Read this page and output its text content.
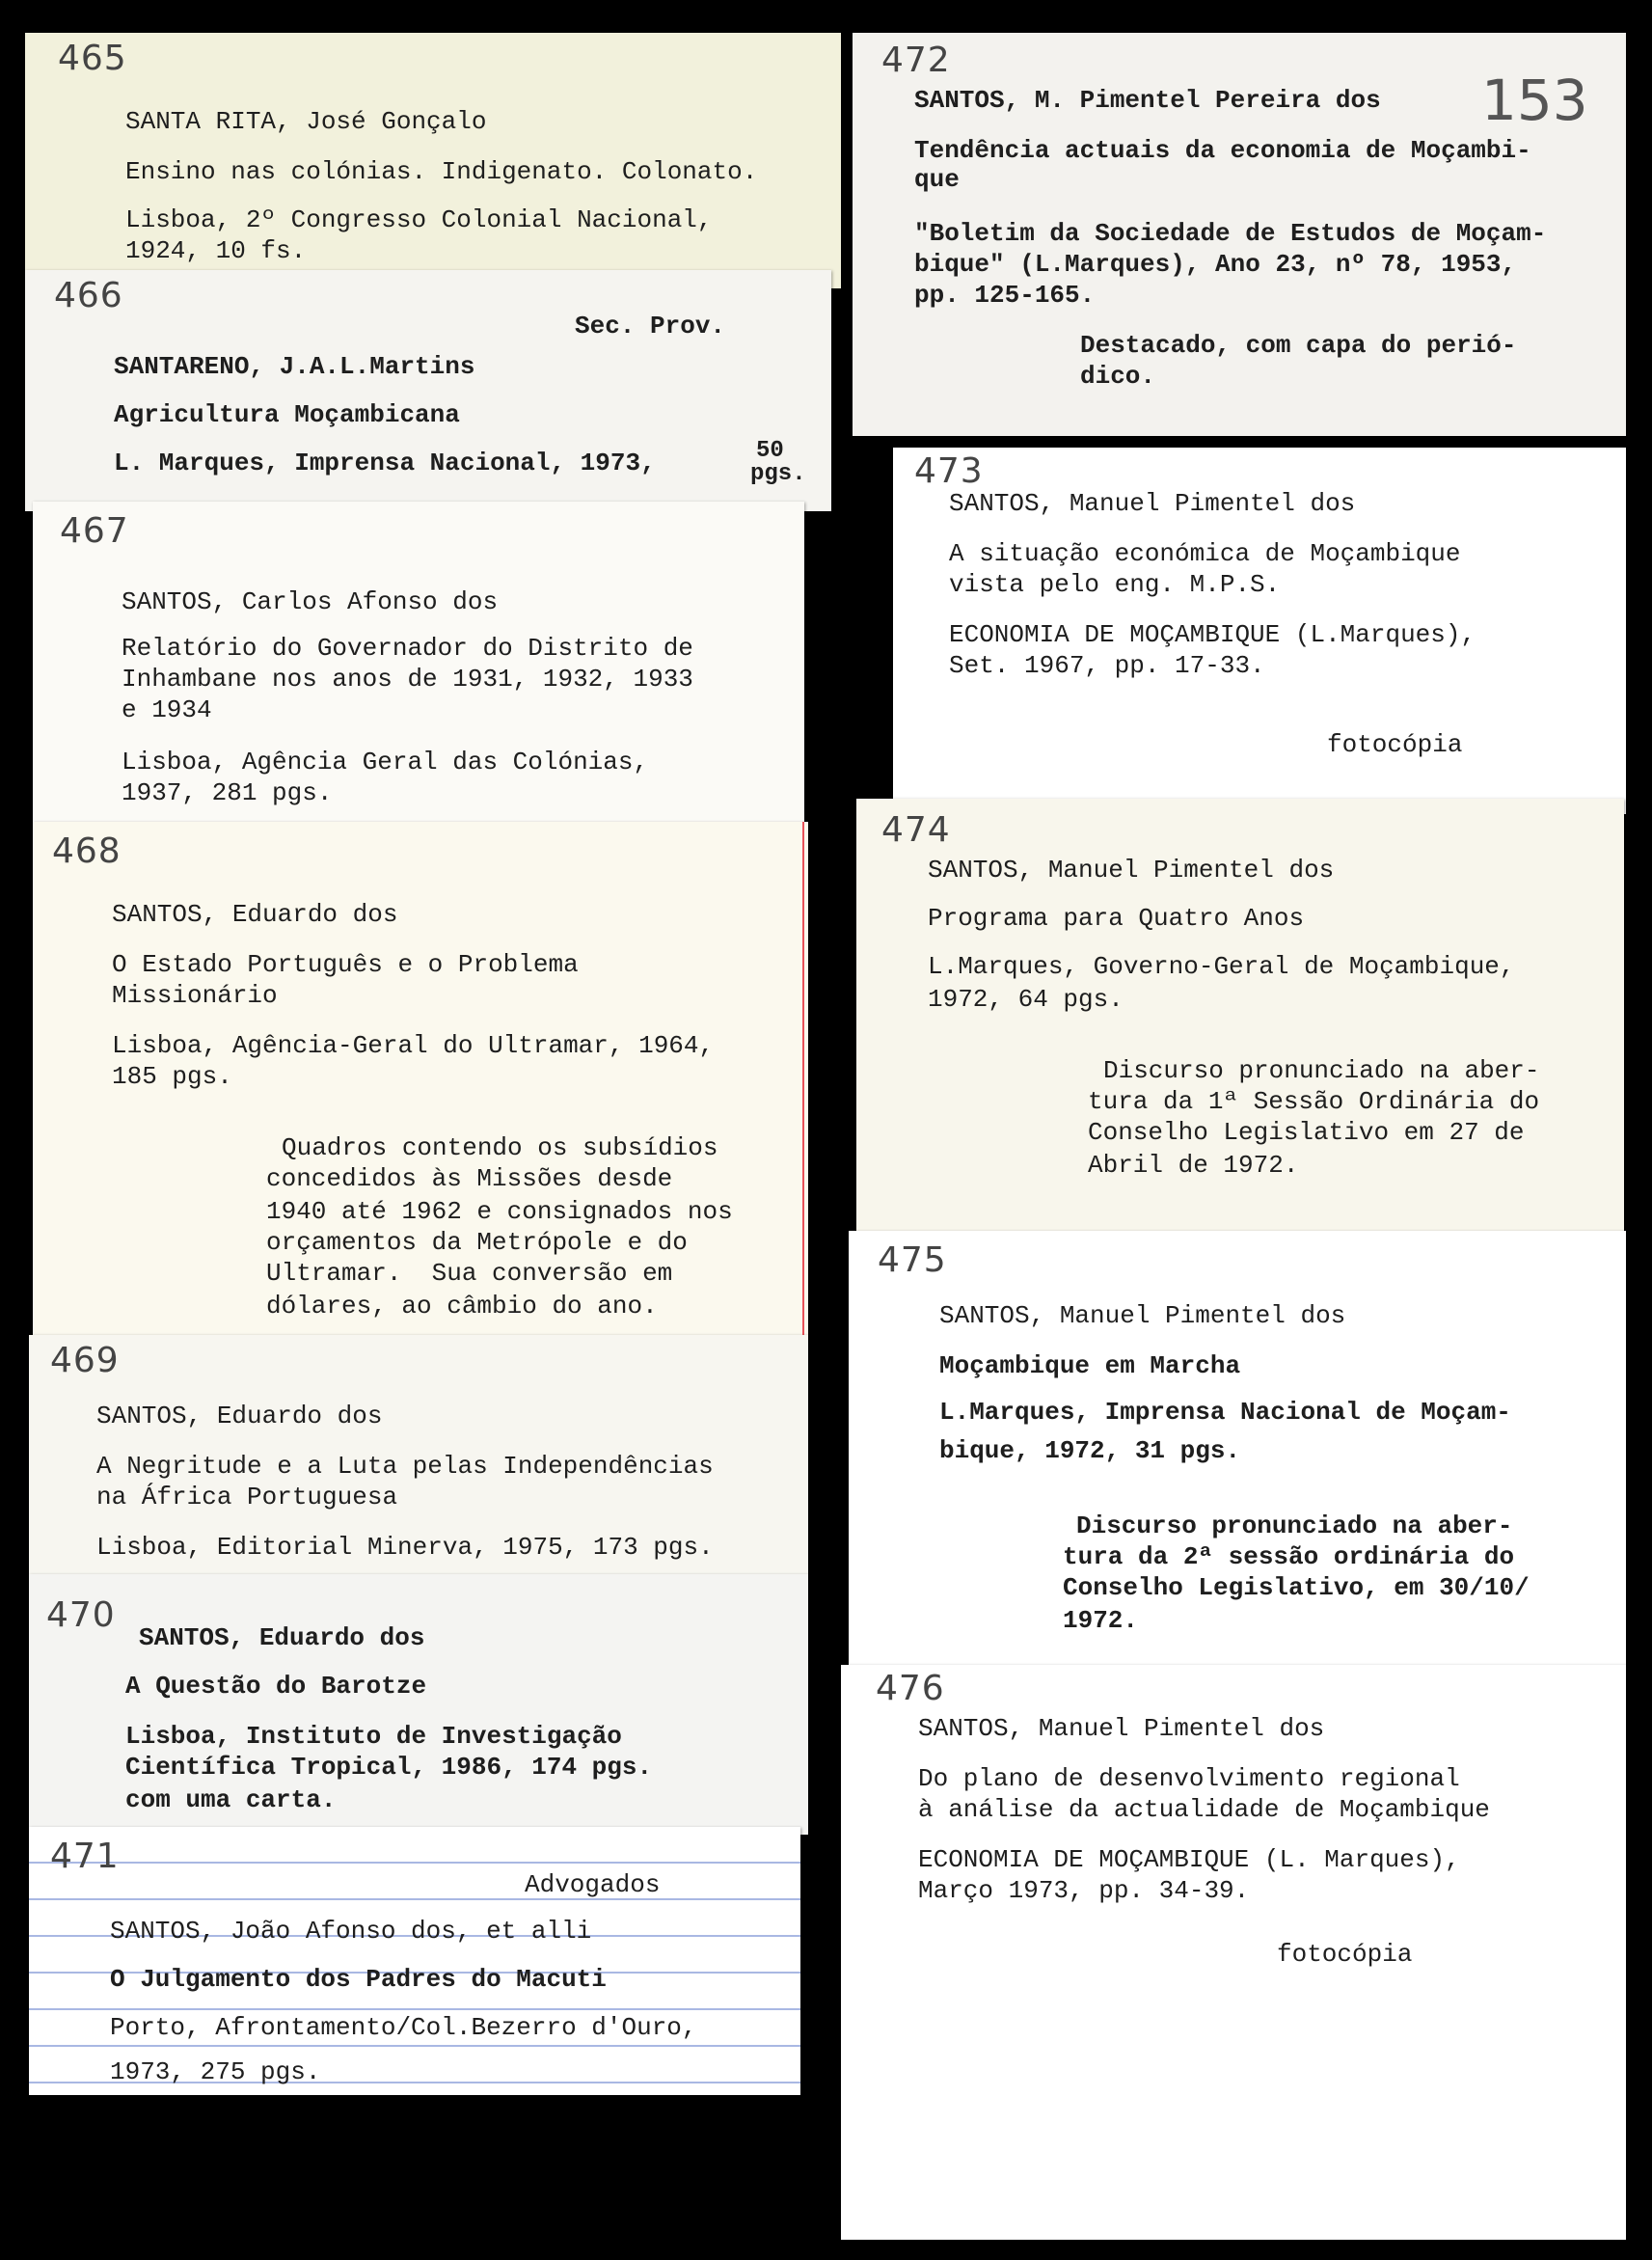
465
SANTA RITA, José Gonçalo
Ensino nas colónias. Indigenato. Colonato.
Lisboa, 2º Congresso Colonial Nacional,
1924, 10 fs.
472
153
SANTOS, M. Pimentel Pereira dos
Tendência actuais da economia de Moçambi-
que
"Boletim da Sociedade de Estudos de Moçam-
bique" (L.Marques), Ano 23, nº 78, 1953,
pp. 125-165.
Destacado, com capa do perió-
dico.
466
Sec. Prov.
SANTARENO, J.A.L.Martins
Agricultura Moçambicana
L. Marques, Imprensa Nacional, 1973,	50
pgs.	473
SANTOS, Manuel Pimentel dos
A situação económica de Moçambique
vista pelo eng. M.P.S.
ECONOMIA DE MOÇAMBIQUE (L.Marques),
Set. 1967, pp. 17-33.
fotocópia
467
SANTOS, Carlos Afonso dos
Relatório do Governador do Distrito de
Inhambane nos anos de 1931, 1932, 1933
e 1934
Lisboa, Agência Geral das Colónias,
1937, 281 pgs.
474
SANTOS, Manuel Pimentel dos
Programa para Quatro Anos
L.Marques, Governo-Geral de Moçambique,
1972, 64 pgs.
Discurso pronunciado na aber-
tura da 1ª Sessão Ordinária do
Conselho Legislativo em 27 de
Abril de 1972.
468
SANTOS, Eduardo dos
O Estado Português e o Problema
Missionário
Lisboa, Agência-Geral do Ultramar, 1964,
185 pgs.
Quadros contendo os subsídios
concedidos às Missões desde
1940 até 1962 e consignados nos
orçamentos da Metrópole e do
Ultramar.  Sua conversão em
dólares, ao câmbio do ano.
475
SANTOS, Manuel Pimentel dos
Moçambique em Marcha
L.Marques, Imprensa Nacional de Moçam-
bique, 1972, 31 pgs.
Discurso pronunciado na aber-
tura da 2ª sessão ordinária do
Conselho Legislativo, em 30/10/
1972.
469
SANTOS, Eduardo dos
A Negritude e a Luta pelas Independências
na África Portuguesa
Lisboa, Editorial Minerva, 1975, 173 pgs.
470
SANTOS, Eduardo dos
A Questão do Barotze
Lisboa, Instituto de Investigação
Científica Tropical, 1986, 174 pgs.
com uma carta.
476
SANTOS, Manuel Pimentel dos
Do plano de desenvolvimento regional
à análise da actualidade de Moçambique
ECONOMIA DE MOÇAMBIQUE (L. Marques),
Março 1973, pp. 34-39.
fotocópia
471
Advogados
SANTOS, João Afonso dos, et alli
O Julgamento dos Padres do Macuti
Porto, Afrontamento/Col.Bezerro d'Ouro,
1973, 275 pgs.
